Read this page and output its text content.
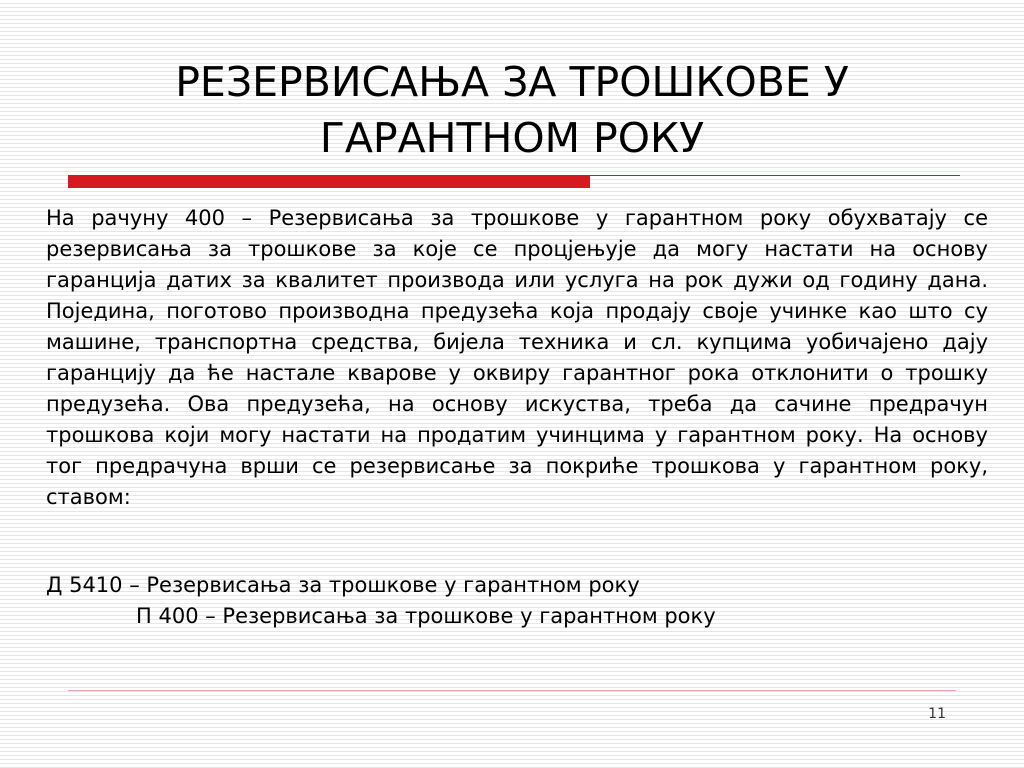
РЕЗЕРВИСАЊА ЗА ТРОШКОВЕ У
ГАРАНТНОМ РОКУ

На рачуну 400 – Резервисања за трошкове у гарантном року обухватају се резервисања за трошкове за које се процјењује да могу настати на основу гаранција датих за квалитет производа или услуга на рок дужи од годину дана. Поједина, поготово производна предузећа која продају своје учинке као што су машине, транспортна средства, бијела техника и сл. купцима уобичајено дају гаранцију да ће настале кварове у оквиру гарантног рока отклонити о трошку предузећа. Ова предузећа, на основу искуства, треба да сачине предрачун трошкова који могу настати на продатим учинцима у гарантном року. На основу тог предрачуна врши се резервисање за покриће трошкова у гарантном року, ставом:

Д 5410 – Резервисања за трошкове у гарантном року

П 400 – Резервисања за трошкове у гарантном року

11
